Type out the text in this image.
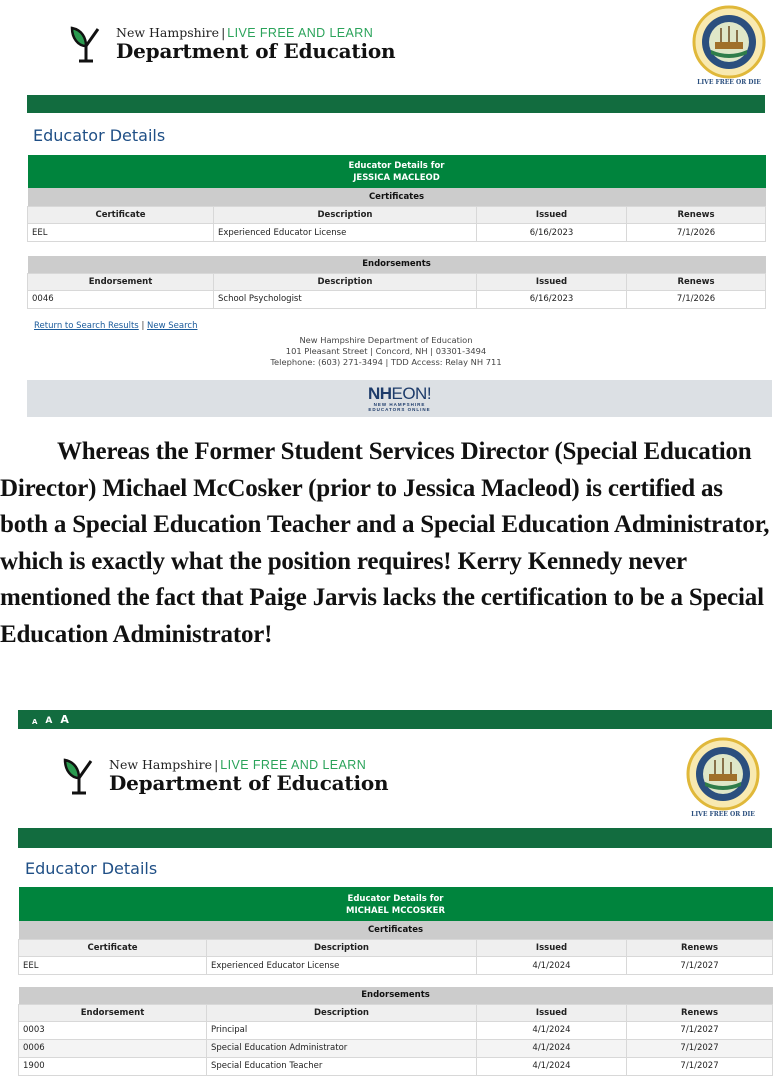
New Hampshire | LIVE FREE AND LEARN
Department of Education
LIVE FREE OR DIE
Educator Details
Educator Details for
JESSICA MACLEOD			

Certificates			
Certificate	Description	Issued	Renews
EEL	Experienced Educator License	6/16/2023	7/1/2026

Endorsements			
Endorsement	Description	Issued	Renews
0046	School Psychologist	6/16/2023	7/1/2026
Return to Search Results | New Search
New Hampshire Department of Education
101 Pleasant Street | Concord, NH | 03301-3494
Telephone: (603) 271-3494 | TDD Access: Relay NH 711
NHEON!
NEW HAMPSHIRE
EDUCATORS ONLINE
Whereas the Former Student Services Director (Special Education Director) Michael McCosker (prior to Jessica Macleod) is certified as both a Special Education Teacher and a Special Education Administrator, which is exactly what the position requires! Kerry Kennedy never mentioned the fact that Paige Jarvis lacks the certification to be a Special Education Administrator!
A A A
New Hampshire | LIVE FREE AND LEARN
Department of Education
LIVE FREE OR DIE
Educator Details
Educator Details for
MICHAEL MCCOSKER			

Certificates			
Certificate	Description	Issued	Renews
EEL	Experienced Educator License	4/1/2024	7/1/2027

Endorsements			
Endorsement	Description	Issued	Renews
0003	Principal	4/1/2024	7/1/2027
0006	Special Education Administrator	4/1/2024	7/1/2027
1900	Special Education Teacher	4/1/2024	7/1/2027
